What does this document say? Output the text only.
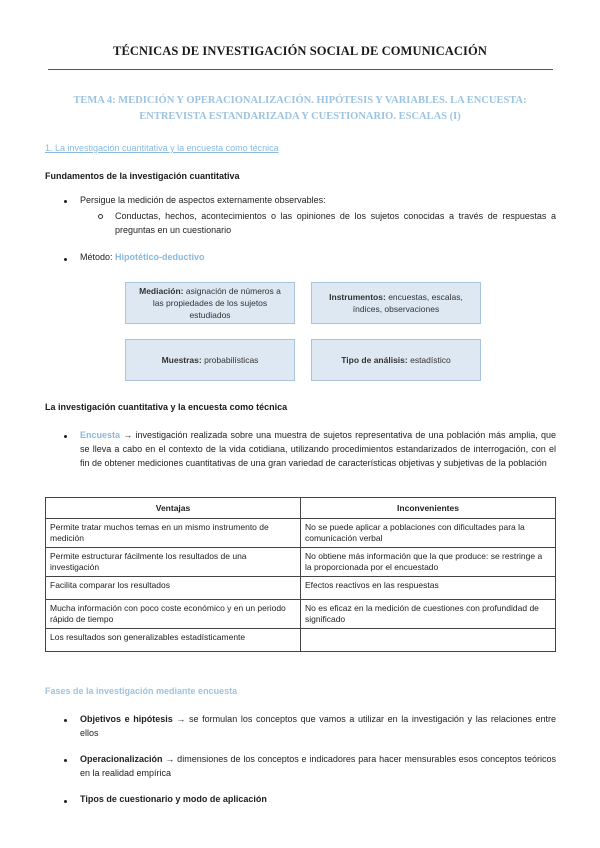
TÉCNICAS DE INVESTIGACIÓN SOCIAL DE COMUNICACIÓN
TEMA 4: MEDICIÓN Y OPERACIONALIZACIÓN. HIPÓTESIS Y VARIABLES. LA ENCUESTA:
ENTREVISTA ESTANDARIZADA Y CUESTIONARIO. ESCALAS (I)
1. La investigación cuantitativa y la encuesta como técnica
Fundamentos de la investigación cuantitativa
Persigue la medición de aspectos externamente observables:
Conductas, hechos, acontecimientos o las opiniones de los sujetos conocidas a través de respuestas a preguntas en un cuestionario
Método: Hipotético-deductivo
Mediación: asignación de números a las propiedades de los sujetos estudiados
Instrumentos: encuestas, escalas, índices, observaciones
Muestras: probabilísticas	Tipo de análisis: estadístico
La investigación cuantitativa y la encuesta como técnica
Encuesta → investigación realizada sobre una muestra de sujetos representativa de una población más amplia, que se lleva a cabo en el contexto de la vida cotidiana, utilizando procedimientos estandarizados de interrogación, con el fin de obtener mediciones cuantitativas de una gran variedad de características objetivas y subjetivas de la población
Ventajas	Inconvenientes
Permite tratar muchos temas en un mismo instrumento de medición	No se puede aplicar a poblaciones con dificultades para la comunicación verbal
Permite estructurar fácilmente los resultados de una investigación	No obtiene más información que la que produce: se restringe a la proporcionada por el encuestado
Facilita comparar los resultados	Efectos reactivos en las respuestas
Mucha información con poco coste económico y en un periodo rápido de tiempo	No es eficaz en la medición de cuestiones con profundidad de significado
Los resultados son generalizables estadísticamente	
Fases de la investigación mediante encuesta
Objetivos e hipótesis → se formulan los conceptos que vamos a utilizar en la investigación y las relaciones entre ellos
Operacionalización → dimensiones de los conceptos e indicadores para hacer mensurables esos conceptos teóricos en la realidad empírica
Tipos de cuestionario y modo de aplicación
